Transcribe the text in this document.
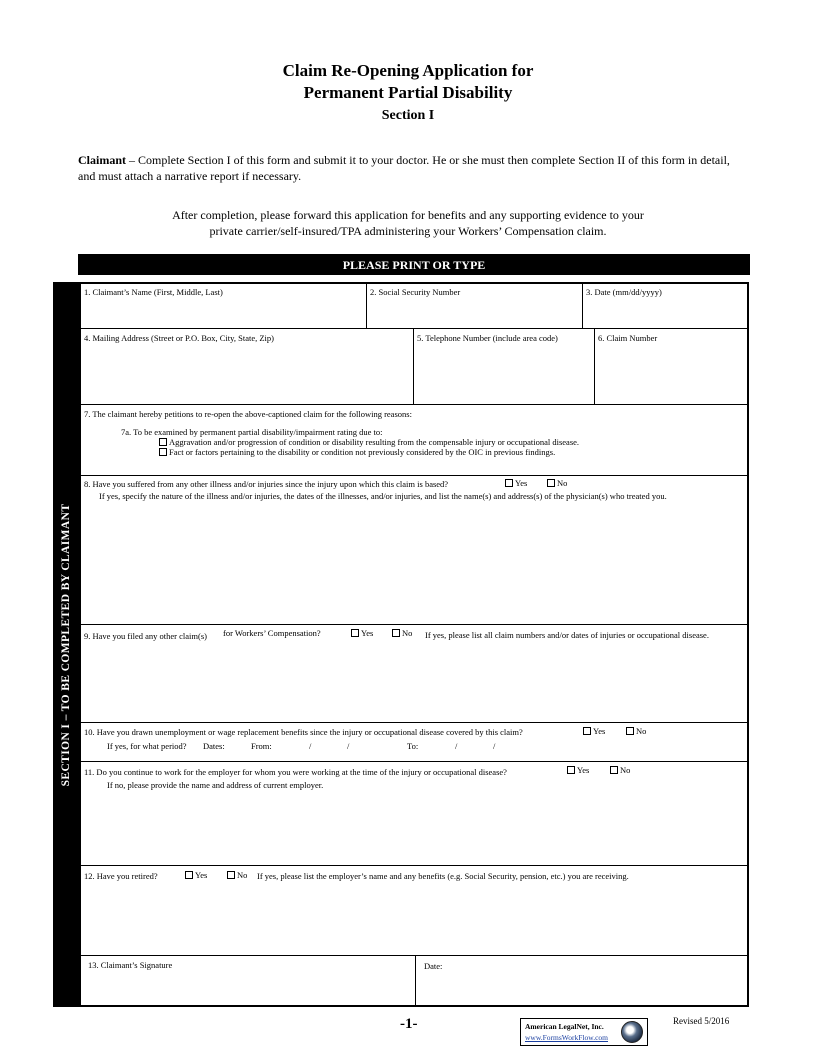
Claim Re-Opening Application for
Permanent Partial Disability
Section I
Claimant – Complete Section I of this form and submit it to your doctor. He or she must then complete Section II of this form in detail, and must attach a narrative report if necessary.
After completion, please forward this application for benefits and any supporting evidence to your
private carrier/self-insured/TPA administering your Workers’ Compensation claim.
PLEASE PRINT OR TYPE
SECTION I – TO BE COMPLETED BY CLAIMANT
1. Claimant’s Name (First, Middle, Last)	2. Social Security Number	3. Date (mm/dd/yyyy)
4. Mailing Address (Street or P.O. Box, City, State, Zip)	5. Telephone Number (include area code)	6. Claim Number
7. The claimant hereby petitions to re-open the above-captioned claim for the following reasons:
7a. To be examined by permanent partial disability/impairment rating due to:
Aggravation and/or progression of condition or disability resulting from the compensable injury or occupational disease.
Fact or factors pertaining to the disability or condition not previously considered by the OIC in previous findings.
8. Have you suffered from any other illness and/or injuries since the injury upon which this claim is based?	Yes	No
If yes, specify the nature of the illness and/or injuries, the dates of the illnesses, and/or injuries, and list the name(s) and address(s) of the physician(s) who treated you.
9. Have you filed any other claim(s) for Workers’ Compensation?	Yes	No If yes, please list all claim numbers and/or dates of injuries or occupational disease.
10. Have you drawn unemployment or wage replacement benefits since the injury or occupational disease covered by this claim?	Yes	No
If yes, for what period? Dates:	From:	/	/	To:	/	/
11. Do you continue to work for the employer for whom you were working at the time of the injury or occupational disease?	Yes	No
If no, please provide the name and address of current employer.
12. Have you retired?	Yes	No If yes, please list the employer’s name and any benefits (e.g. Social Security, pension, etc.) you are receiving.
13. Claimant’s Signature	Date:
-1-	American LegalNet, Inc.
www.FormsWorkFlow.com
Revised 5/2016
